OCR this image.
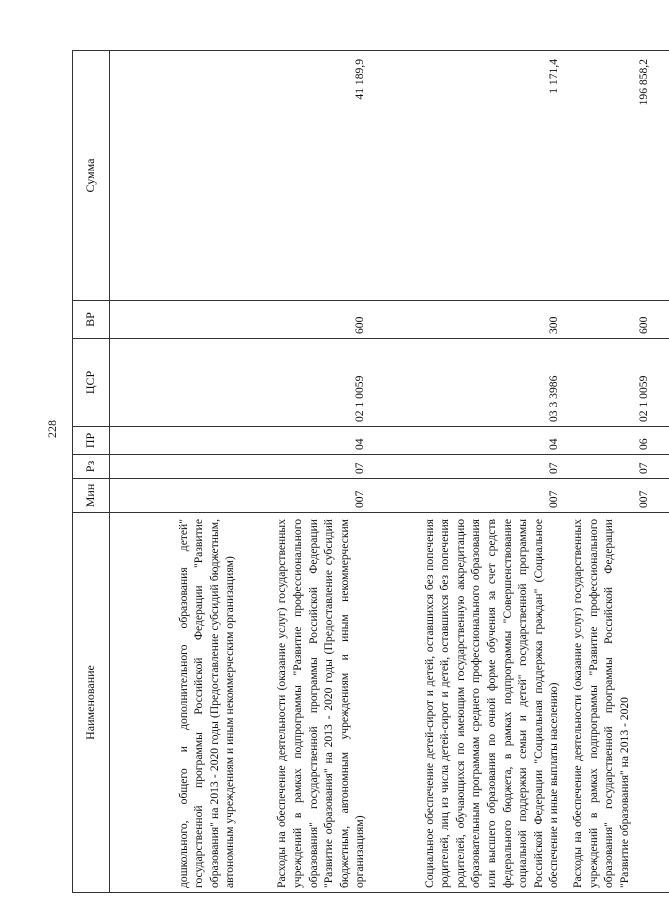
228
Наименование	Мин	Рз	ПР	ЦСР	ВР	Сумма
дошкольного, общего и дополнительного образования детей" государственной программы Российской Федерации "Развитие образования" на 2013 - 2020 годы (Предоставление субсидий бюджетным, автономным учреждениям и иным некоммерческим организациям)						
Расходы на обеспечение деятельности (оказание услуг) государственных учреждений в рамках подпрограммы "Развитие профессионального образования" государственной программы Российской Федерации "Развитие образования" на 2013 - 2020 годы (Предоставление субсидий бюджетным, автономным учреждениям и иным некоммерческим организациям)	007	07	04	02 1 0059	600	41 189,9
Социальное обеспечение детей-сирот и детей, оставшихся без попечения родителей, лиц из числа детей-сирот и детей, оставшихся без попечения родителей, обучающихся по имеющим государственную аккредитацию образовательным программам среднего профессионального образования или высшего образования по очной форме обучения за счет средств федерального бюджета, в рамках подпрограммы "Совершенствование социальной поддержки семьи и детей" государственной программы Российской Федерации "Социальная поддержка граждан" (Социальное обеспечение и иные выплаты населению)	007	07	04	03 3 3986	300	1 171,4

Расходы на обеспечение деятельности (оказание услуг) государственных учреждений в рамках подпрограммы "Развитие профессионального образования" государственной программы Российской Федерации "Развитие образования" на 2013 - 2020	007	07	06	02 1 0059	600	196 858,2
